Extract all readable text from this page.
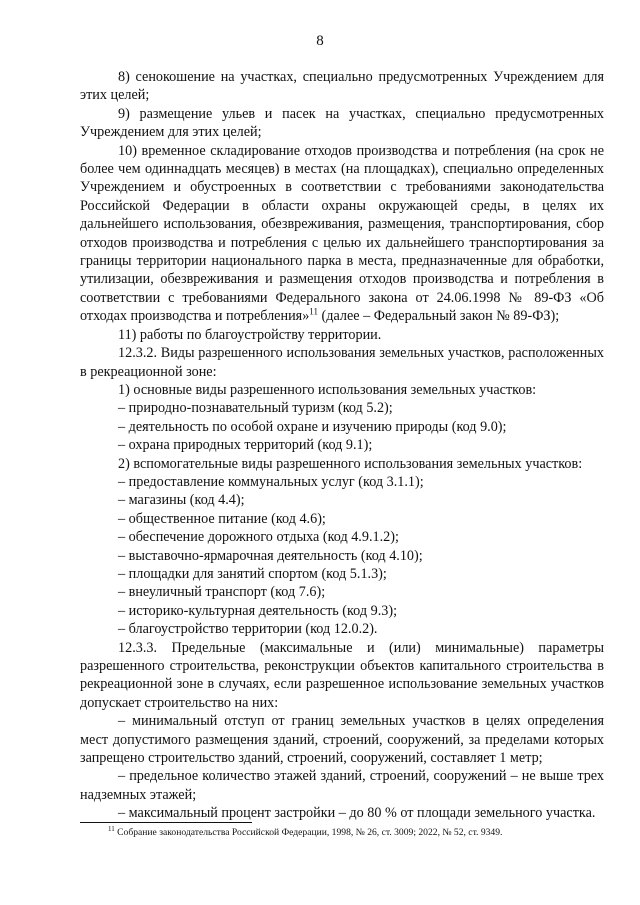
8

8) сенокошение на участках, специально предусмотренных Учреждением для этих целей;

9) размещение ульев и пасек на участках, специально предусмотренных Учреждением для этих целей;

10) временное складирование отходов производства и потребления (на срок не более чем одиннадцать месяцев) в местах (на площадках), специально определенных Учреждением и обустроенных в соответствии с требованиями законодательства Российской Федерации в области охраны окружающей среды, в целях их дальнейшего использования, обезвреживания, размещения, транспортирования, сбор отходов производства и потребления с целью их дальнейшего транспортирования за границы территории национального парка в места, предназначенные для обработки, утилизации, обезвреживания и размещения отходов производства и потребления в соответствии с требованиями Федерального закона от 24.06.1998 № 89-ФЗ «Об отходах производства и потребления»$^{11}$ (далее – Федеральный закон № 89-ФЗ);

11) работы по благоустройству территории.

12.3.2. Виды разрешенного использования земельных участков, расположенных в рекреационной зоне:

1) основные виды разрешенного использования земельных участков:

– природно-познавательный туризм (код 5.2);

– деятельность по особой охране и изучению природы (код 9.0);

– охрана природных территорий (код 9.1);

2) вспомогательные виды разрешенного использования земельных участков:

– предоставление коммунальных услуг (код 3.1.1);

– магазины (код 4.4);

– общественное питание (код 4.6);

– обеспечение дорожного отдыха (код 4.9.1.2);

– выставочно-ярмарочная деятельность (код 4.10);

– площадки для занятий спортом (код 5.1.3);

– внеуличный транспорт (код 7.6);

– историко-культурная деятельность (код 9.3);

– благоустройство территории (код 12.0.2).

12.3.3. Предельные (максимальные и (или) минимальные) параметры разрешенного строительства, реконструкции объектов капитального строительства в рекреационной зоне в случаях, если разрешенное использование земельных участков допускает строительство на них:

– минимальный отступ от границ земельных участков в целях определения мест допустимого размещения зданий, строений, сооружений, за пределами которых запрещено строительство зданий, строений, сооружений, составляет 1 метр;

– предельное количество этажей зданий, строений, сооружений – не выше трех надземных этажей;

– максимальный процент застройки – до 80 % от площади земельного участка.

$^{11}$ Собрание законодательства Российской Федерации, 1998, № 26, ст. 3009; 2022, № 52, ст. 9349.
